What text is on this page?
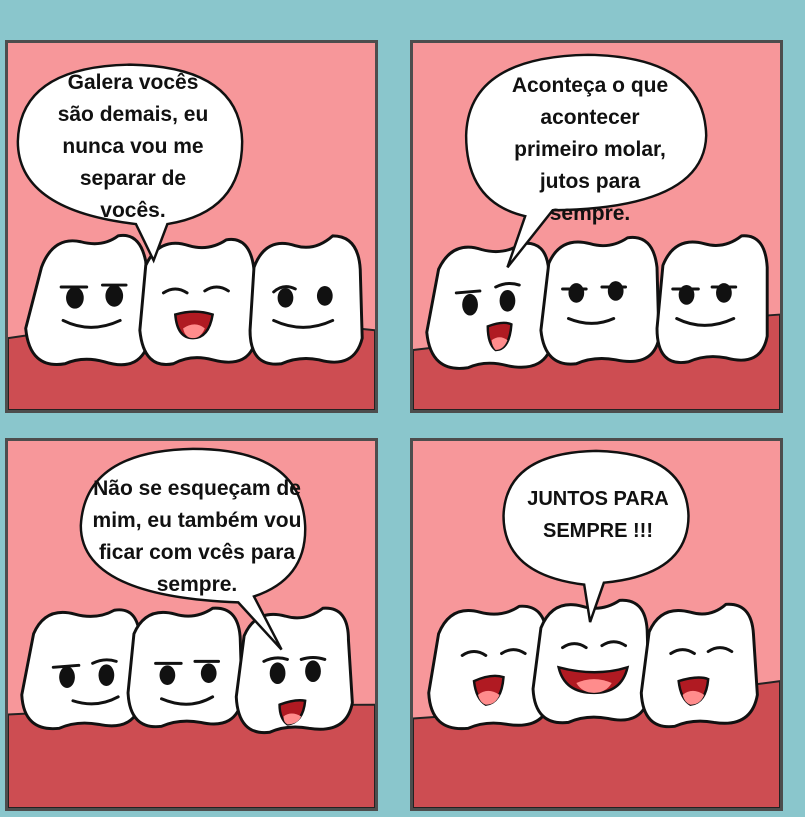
Galera vocês são demais, eu nunca vou me separar de vocês.
Aconteça o que acontecer primeiro molar, jutos para sempre.
Não se esqueçam de mim, eu também vou ficar com vcês para sempre.
JUNTOS PARA SEMPRE !!!
